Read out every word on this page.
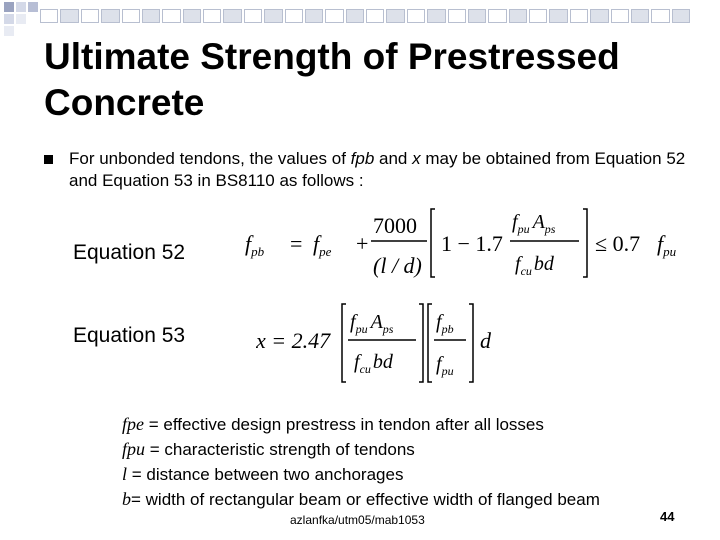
Ultimate Strength of Prestressed Concrete
For unbonded tendons, the values of fpb and x may be obtained from Equation 52 and Equation 53 in BS8110 as follows :
Equation 52
Equation 53
$f_{pb} = f_{pe}$ +
7000
(l / d)
1 − 1.7
$f_{pu}$ $A_{ps}$
$f_{cu}$ bd
≤ 0.7 $f_{pu}$
x = 2.47
$f_{pu}$ $A_{ps}$
$f_{cu}$ bd
$f_{pb}$
$f_{pu}$
d
fpe = effective design prestress in tendon after all losses
fpu = characteristic strength of tendons
l = distance between two anchorages
b= width of rectangular beam or effective width of flanged beam
azlanfka/utm05/mab1053	44
